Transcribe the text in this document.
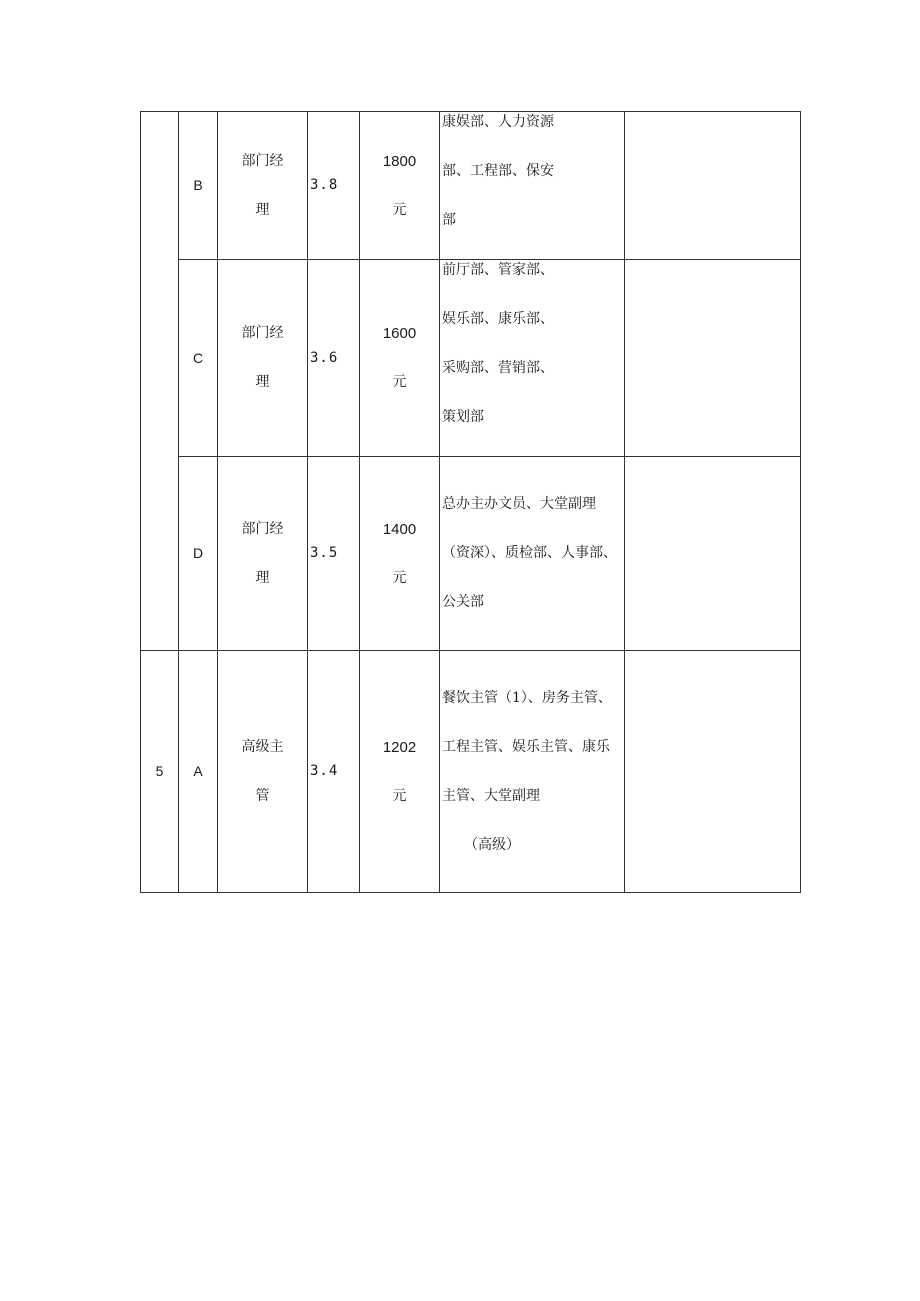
	B	部门经
理	3.8	1800
元	康娱部、人力资源
部、工程部、保安
部	

	C	部门经
理	3.6	1600
元	前厅部、管家部、
娱乐部、康乐部、
采购部、营销部、
策划部	

	D	部门经
理	3.5	1400
元	总办主办文员、大堂副理
（资深）、质检部、人事部、
公关部	

5	A	高级主
管	3.4	1202
元	餐饮主管（1）、房务主管、
工程主管、娱乐主管、康乐
主管、大堂副理
（高级）	
